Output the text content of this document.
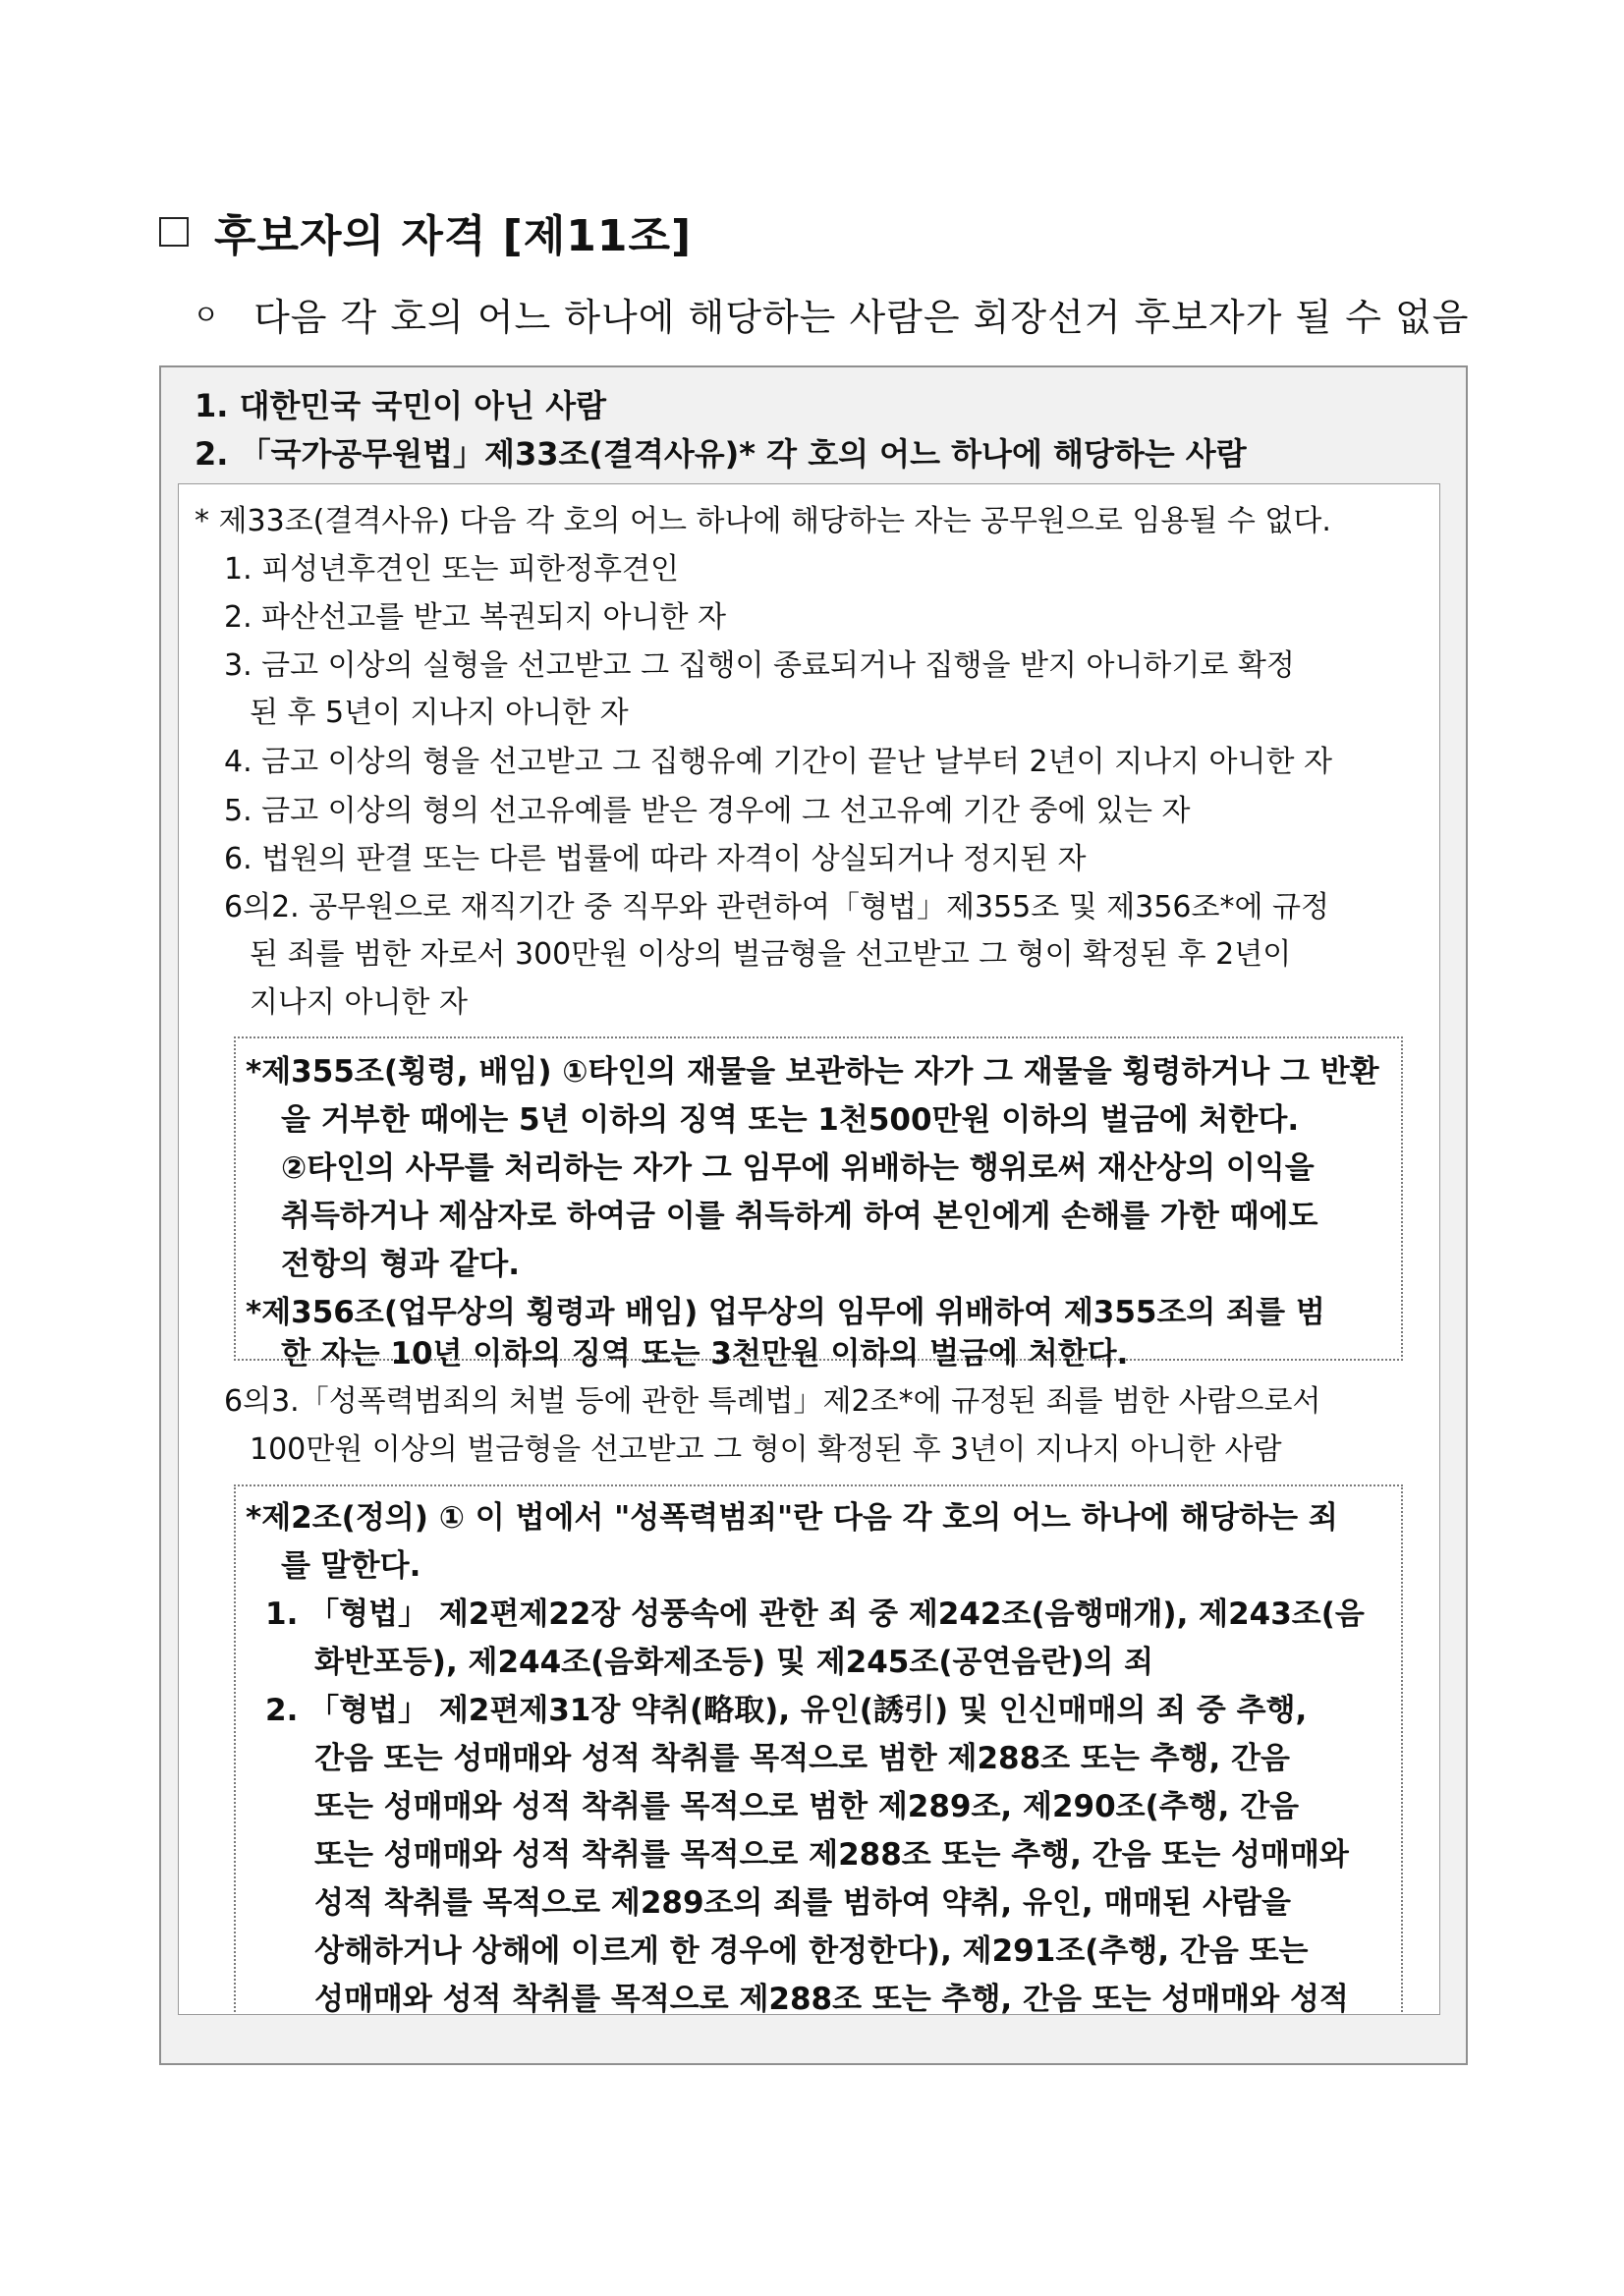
후보자의 자격 [제11조]
ㅇ 다음 각 호의 어느 하나에 해당하는 사람은 회장선거 후보자가 될 수 없음
1. 대한민국 국민이 아닌 사람
2. 「국가공무원법」제33조(결격사유)* 각 호의 어느 하나에 해당하는 사람
* 제33조(결격사유) 다음 각 호의 어느 하나에 해당하는 자는 공무원으로 임용될 수 없다.
1. 피성년후견인 또는 피한정후견인
2. 파산선고를 받고 복권되지 아니한 자
3. 금고 이상의 실형을 선고받고 그 집행이 종료되거나 집행을 받지 아니하기로 확정
된 후 5년이 지나지 아니한 자
4. 금고 이상의 형을 선고받고 그 집행유예 기간이 끝난 날부터 2년이 지나지 아니한 자
5. 금고 이상의 형의 선고유예를 받은 경우에 그 선고유예 기간 중에 있는 자
6. 법원의 판결 또는 다른 법률에 따라 자격이 상실되거나 정지된 자
6의2. 공무원으로 재직기간 중 직무와 관련하여「형법」제355조 및 제356조*에 규정
된 죄를 범한 자로서 300만원 이상의 벌금형을 선고받고 그 형이 확정된 후 2년이
지나지 아니한 자
*제355조(횡령, 배임) ①타인의 재물을 보관하는 자가 그 재물을 횡령하거나 그 반환
을 거부한 때에는 5년 이하의 징역 또는 1천500만원 이하의 벌금에 처한다.
②타인의 사무를 처리하는 자가 그 임무에 위배하는 행위로써 재산상의 이익을
취득하거나 제삼자로 하여금 이를 취득하게 하여 본인에게 손해를 가한 때에도
전항의 형과 같다.
*제356조(업무상의 횡령과 배임) 업무상의 임무에 위배하여 제355조의 죄를 범
한 자는 10년 이하의 징역 또는 3천만원 이하의 벌금에 처한다.
6의3.「성폭력범죄의 처벌 등에 관한 특례법」제2조*에 규정된 죄를 범한 사람으로서
100만원 이상의 벌금형을 선고받고 그 형이 확정된 후 3년이 지나지 아니한 사람
*제2조(정의) ① 이 법에서 "성폭력범죄"란 다음 각 호의 어느 하나에 해당하는 죄
를 말한다.
1. 「형법」 제2편제22장 성풍속에 관한 죄 중 제242조(음행매개), 제243조(음
화반포등), 제244조(음화제조등) 및 제245조(공연음란)의 죄
2. 「형법」 제2편제31장 약취(略取), 유인(誘引) 및 인신매매의 죄 중 추행,
간음 또는 성매매와 성적 착취를 목적으로 범한 제288조 또는 추행, 간음
또는 성매매와 성적 착취를 목적으로 범한 제289조, 제290조(추행, 간음
또는 성매매와 성적 착취를 목적으로 제288조 또는 추행, 간음 또는 성매매와
성적 착취를 목적으로 제289조의 죄를 범하여 약취, 유인, 매매된 사람을
상해하거나 상해에 이르게 한 경우에 한정한다), 제291조(추행, 간음 또는
성매매와 성적 착취를 목적으로 제288조 또는 추행, 간음 또는 성매매와 성적
